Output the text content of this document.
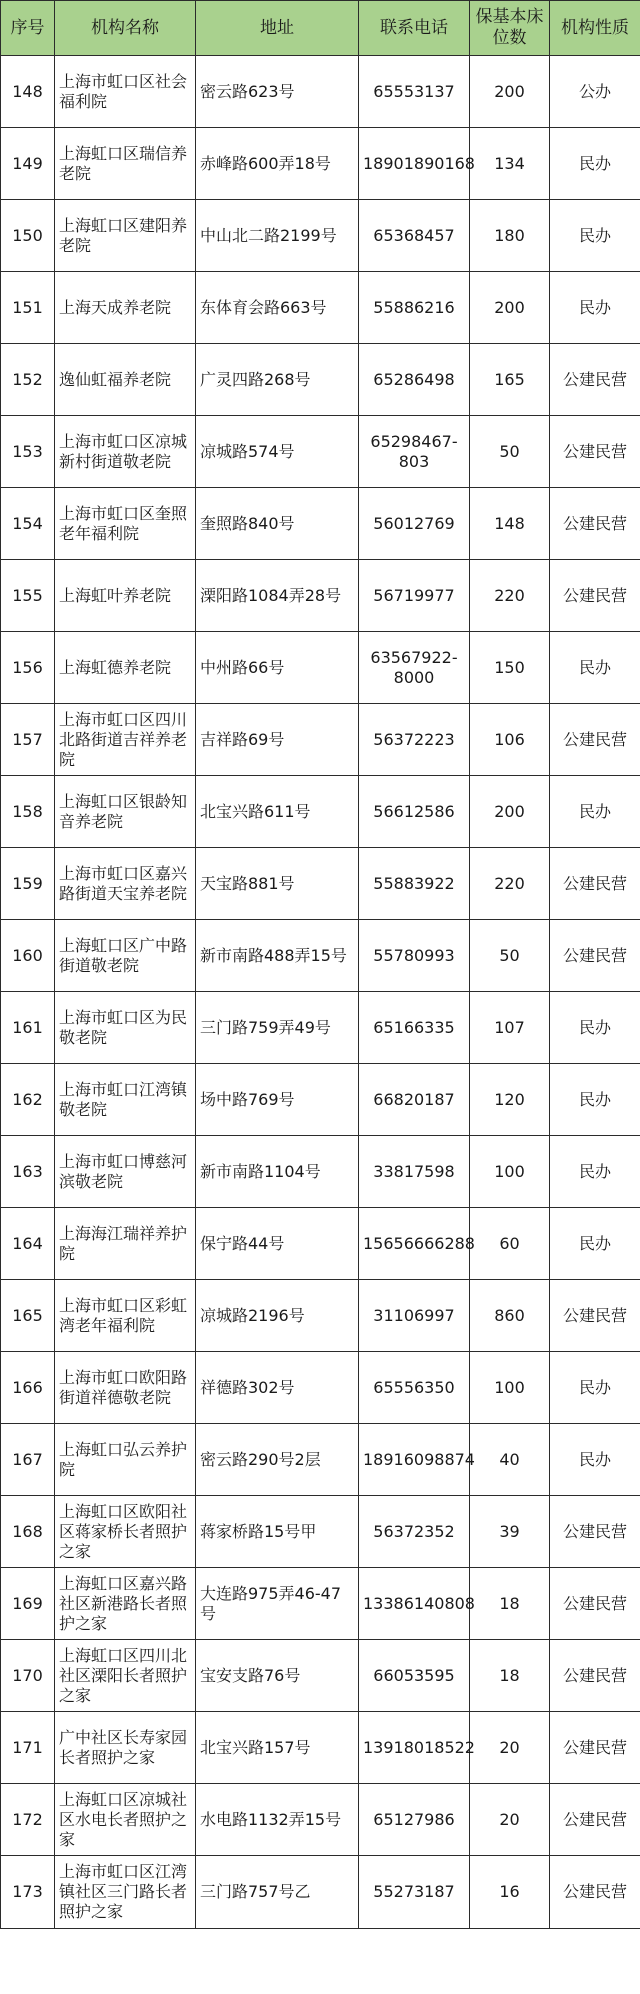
序号	机构名称	地址	联系电话	保基本床位数	机构性质
148	上海市虹口区社会福利院	密云路623号	65553137	200	公办
149	上海虹口区瑞信养老院	赤峰路600弄18号	18901890168	134	民办
150	上海虹口区建阳养老院	中山北二路2199号	65368457	180	民办
151	上海天成养老院	东体育会路663号	55886216	200	民办
152	逸仙虹福养老院	广灵四路268号	65286498	165	公建民营
153	上海市虹口区凉城新村街道敬老院	凉城路574号	65298467-803	50	公建民营
154	上海市虹口区奎照老年福利院	奎照路840号	56012769	148	公建民营
155	上海虹叶养老院	溧阳路1084弄28号	56719977	220	公建民营
156	上海虹德养老院	中州路66号	63567922-8000	150	民办
157	上海市虹口区四川北路街道吉祥养老院	吉祥路69号	56372223	106	公建民营
158	上海虹口区银龄知音养老院	北宝兴路611号	56612586	200	民办
159	上海市虹口区嘉兴路街道天宝养老院	天宝路881号	55883922	220	公建民营
160	上海虹口区广中路街道敬老院	新市南路488弄15号	55780993	50	公建民营
161	上海市虹口区为民敬老院	三门路759弄49号	65166335	107	民办
162	上海市虹口江湾镇敬老院	场中路769号	66820187	120	民办
163	上海市虹口博慈河滨敬老院	新市南路1104号	33817598	100	民办
164	上海海江瑞祥养护院	保宁路44号	15656666288	60	民办
165	上海市虹口区彩虹湾老年福利院	凉城路2196号	31106997	860	公建民营
166	上海市虹口欧阳路街道祥德敬老院	祥德路302号	65556350	100	民办
167	上海虹口弘云养护院	密云路290号2层	18916098874	40	民办
168	上海虹口区欧阳社区蒋家桥长者照护之家	蒋家桥路15号甲	56372352	39	公建民营
169	上海虹口区嘉兴路社区新港路长者照护之家	大连路975弄46-47号	13386140808	18	公建民营
170	上海虹口区四川北社区溧阳长者照护之家	宝安支路76号	66053595	18	公建民营
171	广中社区长寿家园长者照护之家	北宝兴路157号	13918018522	20	公建民营
172	上海虹口区凉城社区水电长者照护之家	水电路1132弄15号	65127986	20	公建民营
173	上海市虹口区江湾镇社区三门路长者照护之家	三门路757号乙	55273187	16	公建民营
